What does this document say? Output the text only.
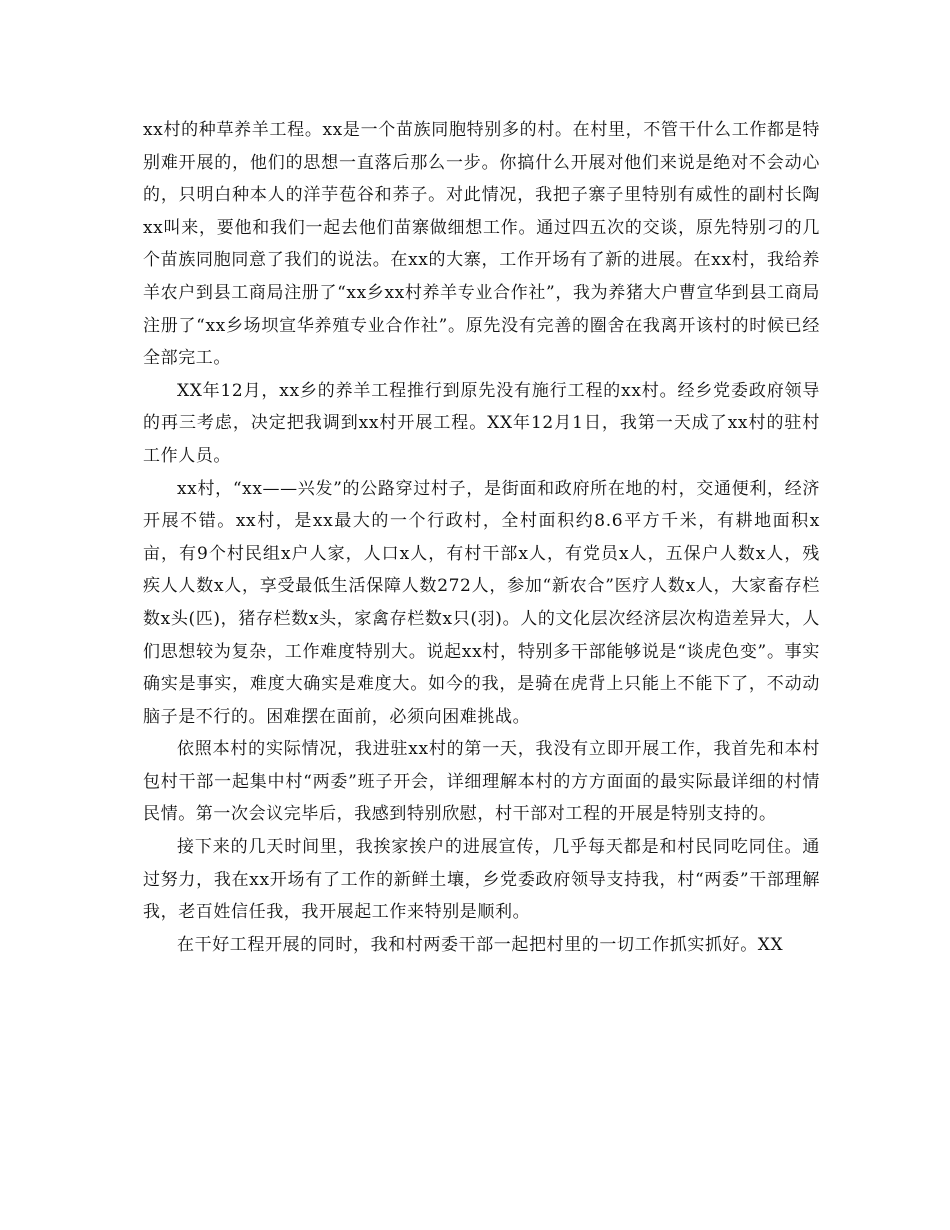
xx村的种草养羊工程。xx是一个苗族同胞特别多的村。在村里，不管干什么工作都是特别难开展的，他们的思想一直落后那么一步。你搞什么开展对他们来说是绝对不会动心的，只明白种本人的洋芋苞谷和荞子。对此情况，我把子寨子里特别有威性的副村长陶xx叫来，要他和我们一起去他们苗寨做细想工作。通过四五次的交谈，原先特别刁的几个苗族同胞同意了我们的说法。在xx的大寨，工作开场有了新的进展。在xx村，我给养羊农户到县工商局注册了“xx乡xx村养羊专业合作社”，我为养猪大户曹宣华到县工商局注册了“xx乡场坝宣华养殖专业合作社”。原先没有完善的圈舍在我离开该村的时候已经全部完工。

XX年12月，xx乡的养羊工程推行到原先没有施行工程的xx村。经乡党委政府领导的再三考虑，决定把我调到xx村开展工程。XX年12月1日，我第一天成了xx村的驻村工作人员。

xx村，“xx——兴发”的公路穿过村子，是街面和政府所在地的村，交通便利，经济开展不错。xx村，是xx最大的一个行政村，全村面积约8.6平方千米，有耕地面积x亩，有9个村民组x户人家，人口x人，有村干部x人，有党员x人，五保户人数x人，残疾人人数x人，享受最低生活保障人数272人，参加“新农合”医疗人数x人，大家畜存栏数x头(匹)，猪存栏数x头，家禽存栏数x只(羽)。人的文化层次经济层次构造差异大，人们思想较为复杂，工作难度特别大。说起xx村，特别多干部能够说是“谈虎色变”。事实确实是事实，难度大确实是难度大。如今的我，是骑在虎背上只能上不能下了，不动动脑子是不行的。困难摆在面前，必须向困难挑战。

依照本村的实际情况，我进驻xx村的第一天，我没有立即开展工作，我首先和本村包村干部一起集中村“两委”班子开会，详细理解本村的方方面面的最实际最详细的村情民情。第一次会议完毕后，我感到特别欣慰，村干部对工程的开展是特别支持的。

接下来的几天时间里，我挨家挨户的进展宣传，几乎每天都是和村民同吃同住。通过努力，我在xx开场有了工作的新鲜土壤，乡党委政府领导支持我，村“两委”干部理解我，老百姓信任我，我开展起工作来特别是顺利。

在干好工程开展的同时，我和村两委干部一起把村里的一切工作抓实抓好。XX
